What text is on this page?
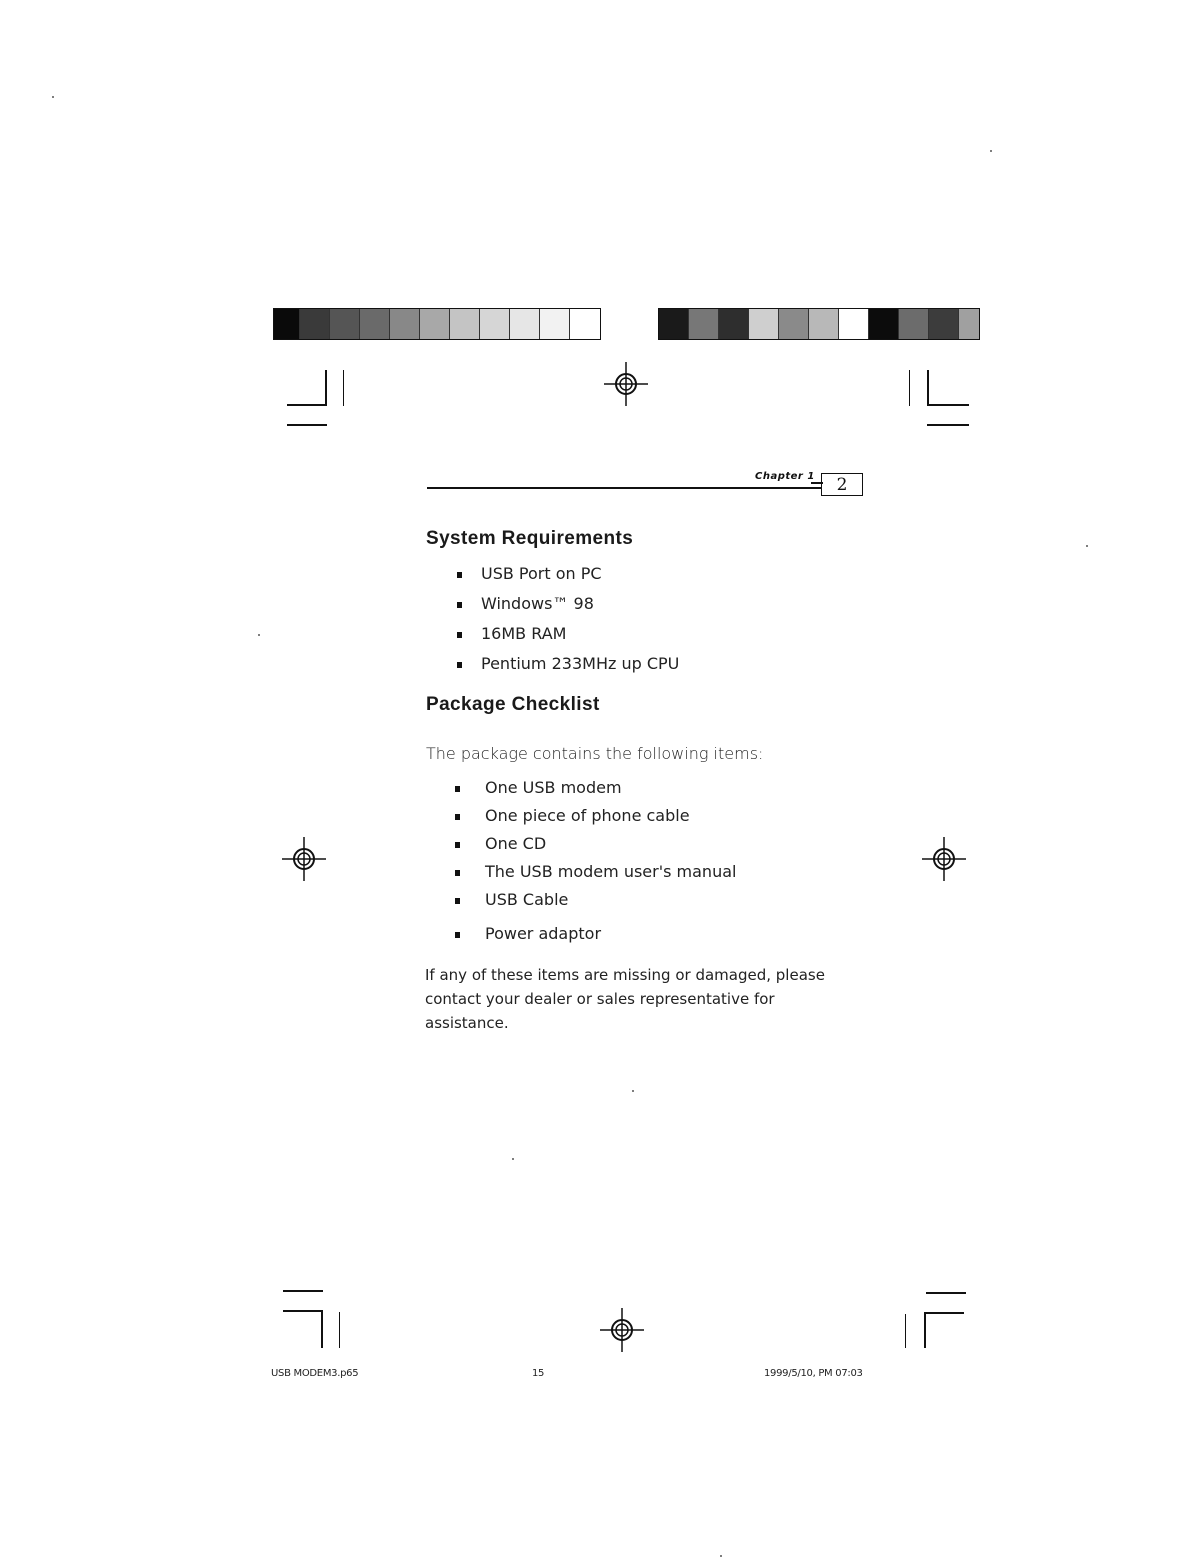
Chapter 1 2
System Requirements
USB Port on PC
Windows™ 98
16MB RAM
Pentium 233MHz up CPU
Package Checklist
The package contains the following items:
One USB modem
One piece of phone cable
One CD
The USB modem user's manual
USB Cable
Power adaptor
If any of these items are missing or damaged, please contact your dealer or sales representative for assistance.
USB MODEM3.p65	15	1999/5/10, PM 07:03
